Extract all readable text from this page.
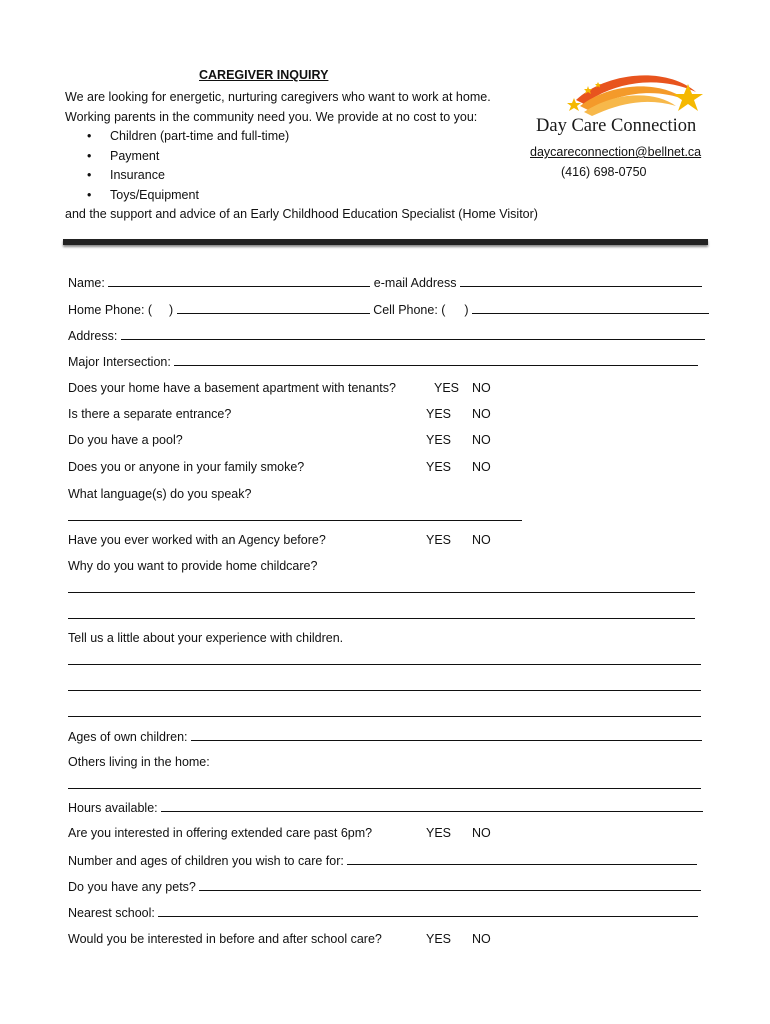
CAREGIVER INQUIRY
We are looking for energetic, nurturing caregivers who want to work at home.
Working parents in the community need you. We provide at no cost to you:
• Children (part-time and full-time)
• Payment
• Insurance
• Toys/Equipment
and the support and advice of an Early Childhood Education Specialist (Home Visitor)
Day Care Connection
daycareconnection@bellnet.ca
(416) 698-0750
Name:	e-mail Address
Home Phone: ( )	Cell Phone: ( )
Address:
Major Intersection:
Does your home have a basement apartment with tenants?	YES NO
Is there a separate entrance?	YES NO
Do you have a pool?	YES NO
Does you or anyone in your family smoke?	YES NO
What language(s) do you speak?
Have you ever worked with an Agency before?	YES NO
Why do you want to provide home childcare?
Tell us a little about your experience with children.
Ages of own children:
Others living in the home:
Hours available:
Are you interested in offering extended care past 6pm?	YES NO
Number and ages of children you wish to care for:
Do you have any pets?
Nearest school:
Would you be interested in before and after school care?	YES NO
